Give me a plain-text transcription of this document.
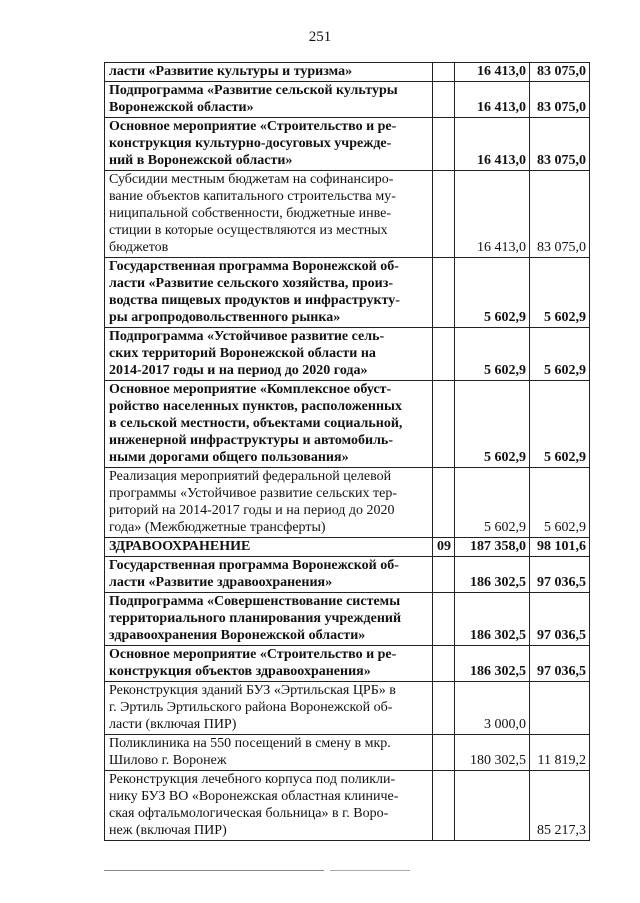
251
ласти «Развитие культуры и туризма»		16 413,0	83 075,0

Подпрограмма «Развитие сельской культуры
Воронежской области»		16 413,0	83 075,0

Основное мероприятие «Строительство и ре-
конструкция культурно-досуговых учрежде-
ний в Воронежской области»		16 413,0	83 075,0

Субсидии местным бюджетам на софинансиро-
вание объектов капитального строительства му-
ниципальной собственности, бюджетные инве-
стиции в которые осуществляются из местных
бюджетов		16 413,0	83 075,0

Государственная программа Воронежской об-
ласти «Развитие сельского хозяйства, произ-
водства пищевых продуктов и инфраструкту-
ры агропродовольственного рынка»		5 602,9	5 602,9

Подпрограмма «Устойчивое развитие сель-
ских территорий Воронежской области на
2014-2017 годы и на период до 2020 года»		5 602,9	5 602,9

Основное мероприятие «Комплексное обуст-
ройство населенных пунктов, расположенных
в сельской местности, объектами социальной,
инженерной инфраструктуры и автомобиль-
ными дорогами общего пользования»		5 602,9	5 602,9

Реализация мероприятий федеральной целевой
программы «Устойчивое развитие сельских тер-
риторий на 2014-2017 годы и на период до 2020
года» (Межбюджетные трансферты)		5 602,9	5 602,9

ЗДРАВООХРАНЕНИЕ	09	187 358,0	98 101,6

Государственная программа Воронежской об-
ласти «Развитие здравоохранения»		186 302,5	97 036,5

Подпрограмма «Совершенствование системы
территориального планирования учреждений
здравоохранения Воронежской области»		186 302,5	97 036,5

Основное мероприятие «Строительство и ре-
конструкция объектов здравоохранения»		186 302,5	97 036,5

Реконструкция зданий БУЗ «Эртильская ЦРБ» в
г. Эртиль Эртильского района Воронежской об-
ласти (включая ПИР)		3 000,0	

Поликлиника на 550 посещений в смену в мкр.
Шилово г. Воронеж		180 302,5	11 819,2

Реконструкция лечебного корпуса под поликли-
нику БУЗ ВО «Воронежская областная клиниче-
ская офтальмологическая больница» в г. Воро-
неж (включая ПИР)			85 217,3
